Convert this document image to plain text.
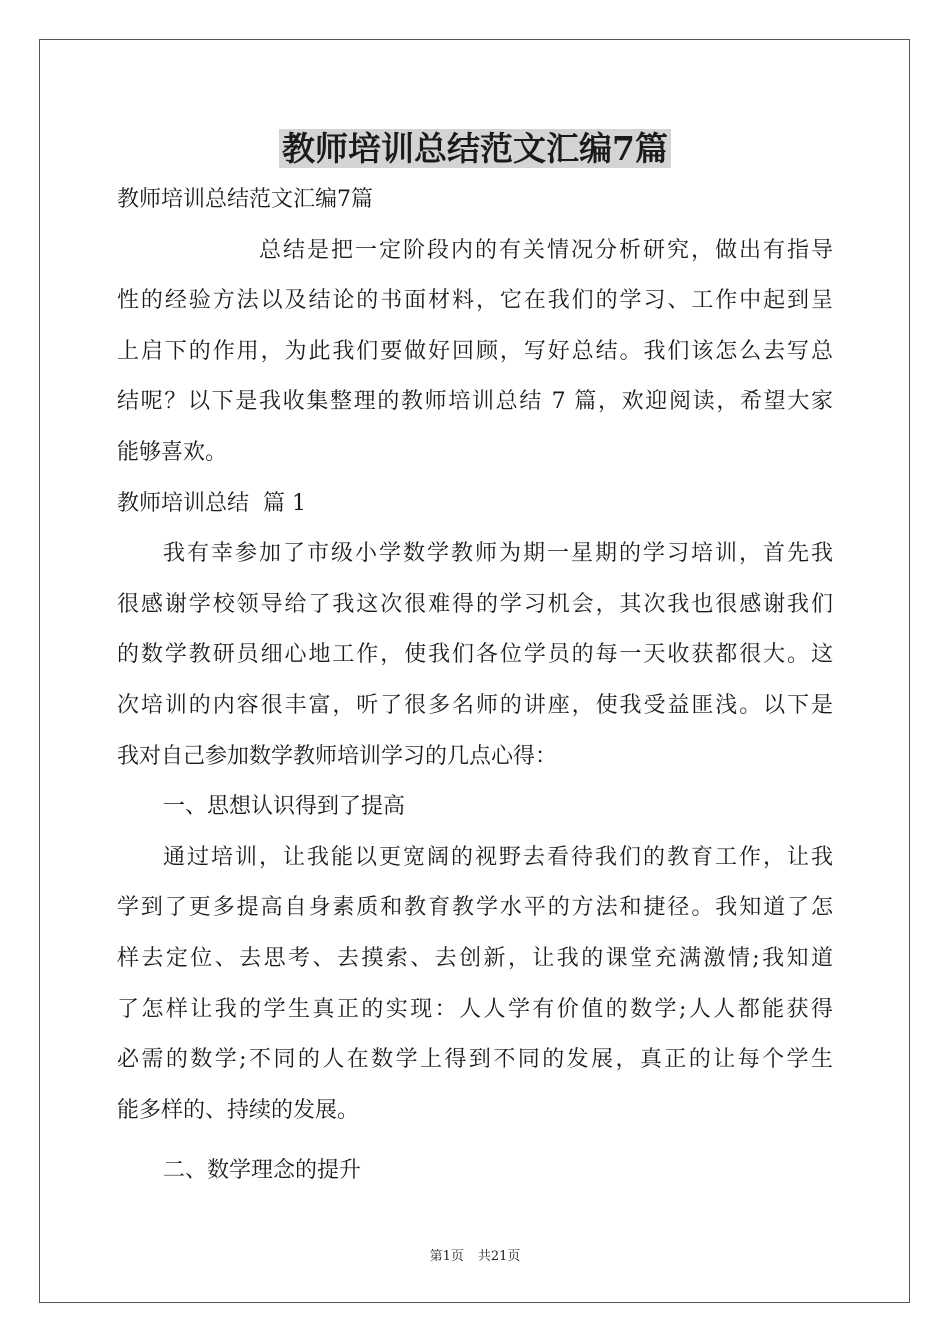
教师培训总结范文汇编7篇
教师培训总结范文汇编7篇
总结是把一定阶段内的有关情况分析研究，做出有指导
性的经验方法以及结论的书面材料，它在我们的学习、工作中起到呈
上启下的作用，为此我们要做好回顾，写好总结。我们该怎么去写总
结呢？以下是我收集整理的教师培训总结 7 篇，欢迎阅读，希望大家
能够喜欢。
教师培训总结  篇 1
我有幸参加了市级小学数学教师为期一星期的学习培训，首先我
很感谢学校领导给了我这次很难得的学习机会，其次我也很感谢我们
的数学教研员细心地工作，使我们各位学员的每一天收获都很大。这
次培训的内容很丰富，听了很多名师的讲座，使我受益匪浅。以下是
我对自己参加数学教师培训学习的几点心得：
一、思想认识得到了提高
通过培训，让我能以更宽阔的视野去看待我们的教育工作，让我
学到了更多提高自身素质和教育教学水平的方法和捷径。我知道了怎
样去定位、去思考、去摸索、去创新，让我的课堂充满激情;我知道
了怎样让我的学生真正的实现：人人学有价值的数学;人人都能获得
必需的数学;不同的人在数学上得到不同的发展，真正的让每个学生
能多样的、持续的发展。
二、数学理念的提升
第1页 共21页
